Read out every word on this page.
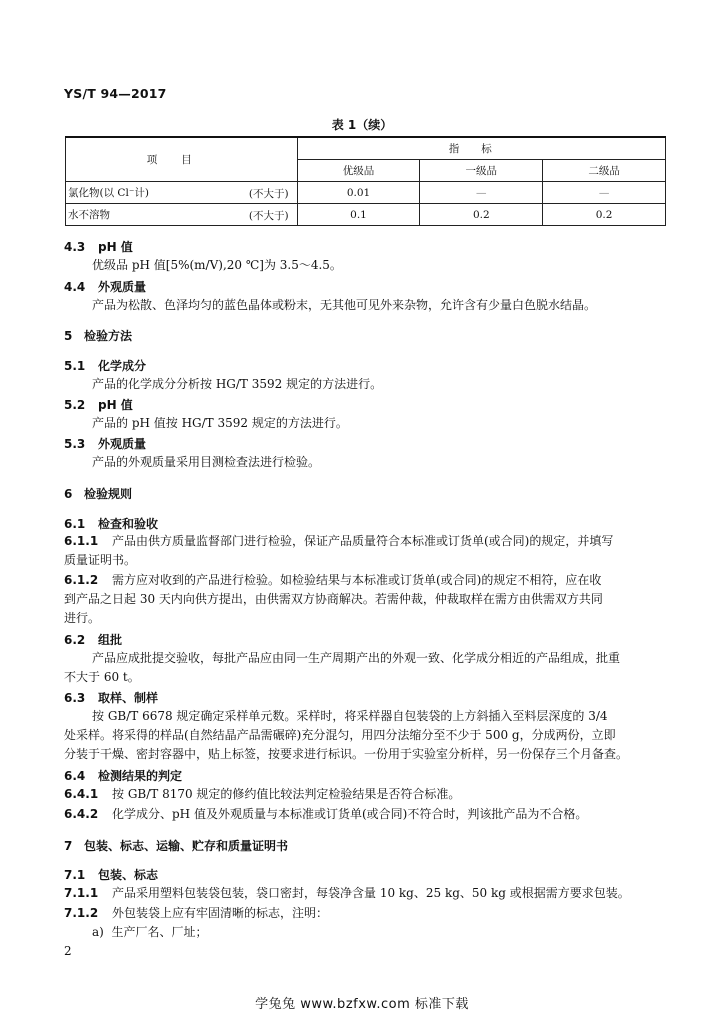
YS/T 94—2017
表 1（续）
项目	指标		
	优级品	一级品	二级品
氯化物(以 Cl⁻计) (不大于)	0.01	—	—
水不溶物 (不大于)	0.1	0.2	0.2
4.3 pH 值
优级品 pH 值[5%(m/V),20 ℃]为 3.5～4.5。
4.4 外观质量
产品为松散、色泽均匀的蓝色晶体或粉末，无其他可见外来杂物，允许含有少量白色脱水结晶。
5 检验方法
5.1 化学成分
产品的化学成分分析按 HG/T 3592 规定的方法进行。
5.2 pH 值
产品的 pH 值按 HG/T 3592 规定的方法进行。
5.3 外观质量
产品的外观质量采用目测检查法进行检验。
6 检验规则
6.1 检查和验收
6.1.1 产品由供方质量监督部门进行检验，保证产品质量符合本标准或订货单(或合同)的规定，并填写
质量证明书。
6.1.2 需方应对收到的产品进行检验。如检验结果与本标准或订货单(或合同)的规定不相符，应在收
到产品之日起 30 天内向供方提出，由供需双方协商解决。若需仲裁，仲裁取样在需方由供需双方共同
进行。
6.2 组批
产品应成批提交验收，每批产品应由同一生产周期产出的外观一致、化学成分相近的产品组成，批重
不大于 60 t。
6.3 取样、制样
按 GB/T 6678 规定确定采样单元数。采样时，将采样器自包装袋的上方斜插入至料层深度的 3/4
处采样。将采得的样品(自然结晶产品需碾碎)充分混匀，用四分法缩分至不少于 500 g，分成两份，立即
分装于干燥、密封容器中，贴上标签，按要求进行标识。一份用于实验室分析样，另一份保存三个月备查。
6.4 检测结果的判定
6.4.1 按 GB/T 8170 规定的修约值比较法判定检验结果是否符合标准。
6.4.2 化学成分、pH 值及外观质量与本标准或订货单(或合同)不符合时，判该批产品为不合格。
7 包装、标志、运输、贮存和质量证明书
7.1 包装、标志
7.1.1 产品采用塑料包装袋包装，袋口密封，每袋净含量 10 kg、25 kg、50 kg 或根据需方要求包装。
7.1.2 外包装袋上应有牢固清晰的标志，注明：
a) 生产厂名、厂址；
2
学兔兔 www.bzfxw.com 标准下载
